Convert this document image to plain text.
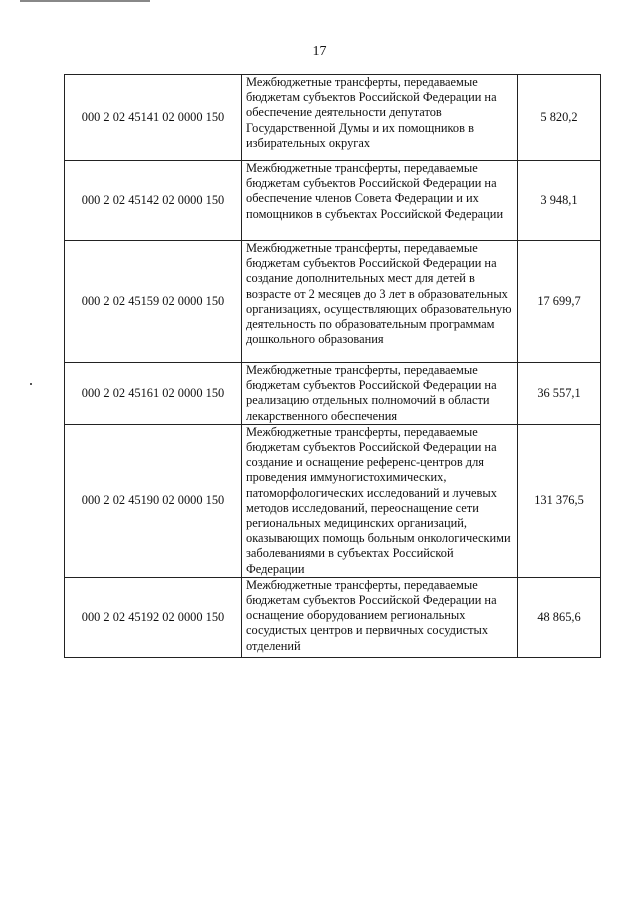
17
000 2 02 45141 02 0000 150	Межбюджетные трансферты, передаваемые бюджетам субъектов Российской Федерации на обеспечение деятельности депутатов Государственной Думы и их помощников в избирательных округах	5 820,2
000 2 02 45142 02 0000 150	Межбюджетные трансферты, передаваемые бюджетам субъектов Российской Федерации на обеспечение членов Совета Федерации и их помощников в субъектах Российской Федерации	3 948,1
000 2 02 45159 02 0000 150	Межбюджетные трансферты, передаваемые бюджетам субъектов Российской Федерации на создание дополнительных мест для детей в возрасте от 2 месяцев до 3 лет в образовательных организациях, осуществляющих образовательную деятельность по образовательным программам дошкольного образования	17 699,7
000 2 02 45161 02 0000 150	Межбюджетные трансферты, передаваемые бюджетам субъектов Российской Федерации на реализацию отдельных полномочий в области лекарственного обеспечения	36 557,1
000 2 02 45190 02 0000 150	Межбюджетные трансферты, передаваемые бюджетам субъектов Российской Федерации на создание и оснащение референс-центров для проведения иммуногистохимических, патоморфологических исследований и лучевых методов исследований, переоснащение сети региональных медицинских организаций, оказывающих помощь больным онкологическими заболеваниями в субъектах Российской Федерации	131 376,5
000 2 02 45192 02 0000 150	Межбюджетные трансферты, передаваемые бюджетам субъектов Российской Федерации на оснащение оборудованием региональных сосудистых центров и первичных сосудистых отделений	48 865,6
